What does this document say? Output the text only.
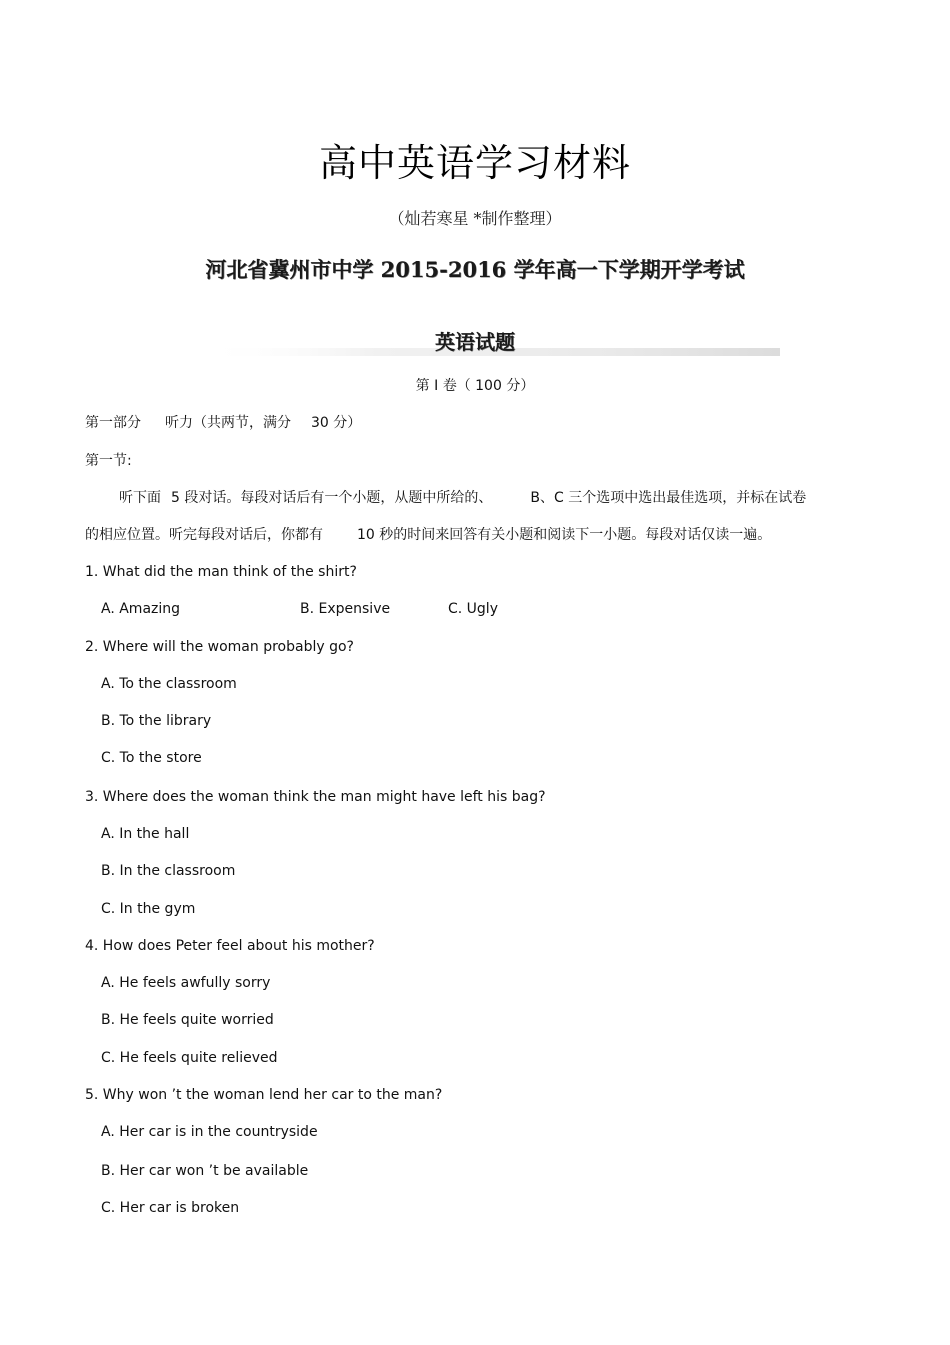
高中英语学习材料
（灿若寒星 *制作整理）
河北省冀州市中学 2015-2016 学年高一下学期开学考试
英语试题
第 I 卷（ 100 分）
第一部分 听力（共两节，满分 30 分）
第一节:
听下面 5 段对话。每段对话后有一个小题，从题中所给的、	B、C 三个选项中选出最佳选项，并标在试卷
的相应位置。听完每段对话后，你都有 10 秒的时间来回答有关小题和阅读下一小题。每段对话仅读一遍。
1. What did the man think of the shirt?
A. Amazing	B. Expensive	C. Ugly
2. Where will the woman probably go?
A. To the classroom
B. To the library
C. To the store
3. Where does the woman think the man might have left his bag?
A. In the hall
B. In the classroom
C. In the gym
4. How does Peter feel about his mother?
A. He feels awfully sorry
B. He feels quite worried
C. He feels quite relieved
5. Why won ’t the woman lend her car to the man?
A. Her car is in the countryside
B. Her car won ’t be available
C. Her car is broken
